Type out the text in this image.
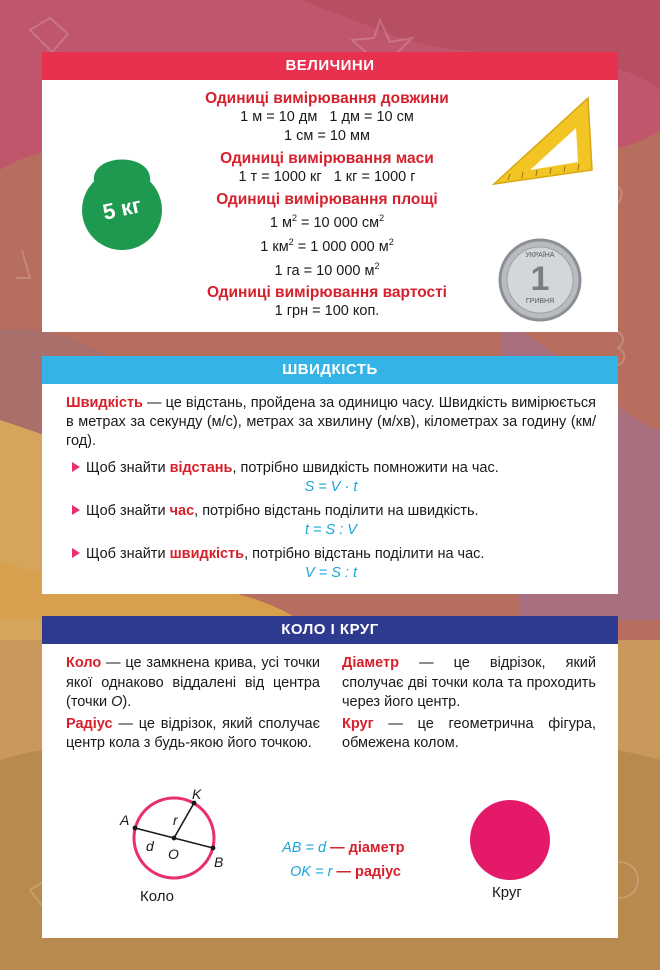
ВЕЛИЧИНИ
5 кг
УКРАЇНА
1
ГРИВНЯ
Одиниці вимірювання довжини
1 м = 10 дм   1 дм = 10 см
1 см = 10 мм
Одиниці вимірювання маси
1 т = 1000 кг   1 кг = 1000 г
Одиниці вимірювання площі
1 $м^2 = 10$ 000 $см^2$
1 $км^2 = 1$ 000 000 $м^2$
1 га = 10 000 $м^2$
Одиниці вимірювання вартості
1 грн = 100 коп.
ШВИДКІСТЬ
Швидкість — це відстань, пройдена за одиницю часу. Швидкість вимірюється в метрах за секунду (м/с), метрах за хвилину (м/хв), кілометрах за годину (км/год).
Щоб знайти відстань, потрібно швидкість помножити на час.
S = V · t
Щоб знайти час, потрібно відстань поділити на швидкість.
t = S : V
Щоб знайти швидкість, потрібно відстань поділити на час.
V = S : t
КОЛО І КРУГ
Коло — це замкнена крива, усі точки якої однаково віддалені від центра (точки О).
Радіус — це відрізок, який сполучає центр кола з будь-якою його точкою.
Діаметр — це відрізок, який сполучає дві точки кола та проходить через його центр.
Круг — це геометрична фігура, обмежена колом.
A
B
K
O
r
d
Коло

AB = d — діаметр

OK = r — радіус

Круг
